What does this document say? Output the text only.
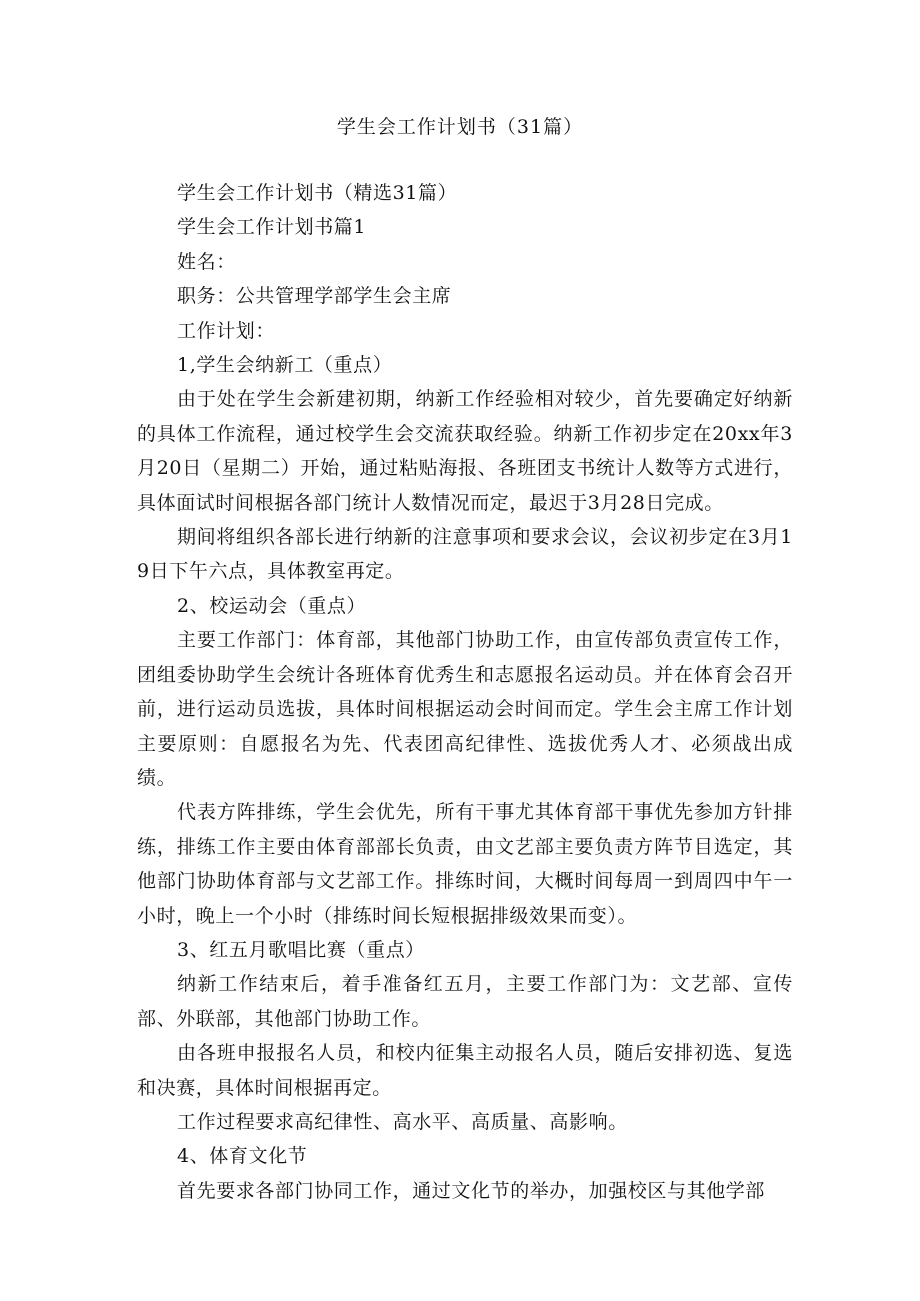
学生会工作计划书（31篇）

学生会工作计划书（精选31篇）

学生会工作计划书篇1

姓名：

职务：公共管理学部学生会主席

工作计划：

1,学生会纳新工（重点）

由于处在学生会新建初期，纳新工作经验相对较少，首先要确定好纳新的具体工作流程，通过校学生会交流获取经验。纳新工作初步定在20xx年3月20日（星期二）开始，通过粘贴海报、各班团支书统计人数等方式进行，具体面试时间根据各部门统计人数情况而定，最迟于3月28日完成。

期间将组织各部长进行纳新的注意事项和要求会议，会议初步定在3月19日下午六点，具体教室再定。

2、校运动会（重点）

主要工作部门：体育部，其他部门协助工作，由宣传部负责宣传工作，团组委协助学生会统计各班体育优秀生和志愿报名运动员。并在体育会召开前，进行运动员选拔，具体时间根据运动会时间而定。学生会主席工作计划主要原则：自愿报名为先、代表团高纪律性、选拔优秀人才、必须战出成绩。

代表方阵排练，学生会优先，所有干事尤其体育部干事优先参加方针排练，排练工作主要由体育部部长负责，由文艺部主要负责方阵节目选定，其他部门协助体育部与文艺部工作。排练时间，大概时间每周一到周四中午一小时，晚上一个小时（排练时间长短根据排级效果而变）。

3、红五月歌唱比赛（重点）

纳新工作结束后，着手准备红五月，主要工作部门为：文艺部、宣传部、外联部，其他部门协助工作。

由各班申报报名人员，和校内征集主动报名人员，随后安排初选、复选和决赛，具体时间根据再定。

工作过程要求高纪律性、高水平、高质量、高影响。

4、体育文化节

首先要求各部门协同工作，通过文化节的举办，加强校区与其他学部
